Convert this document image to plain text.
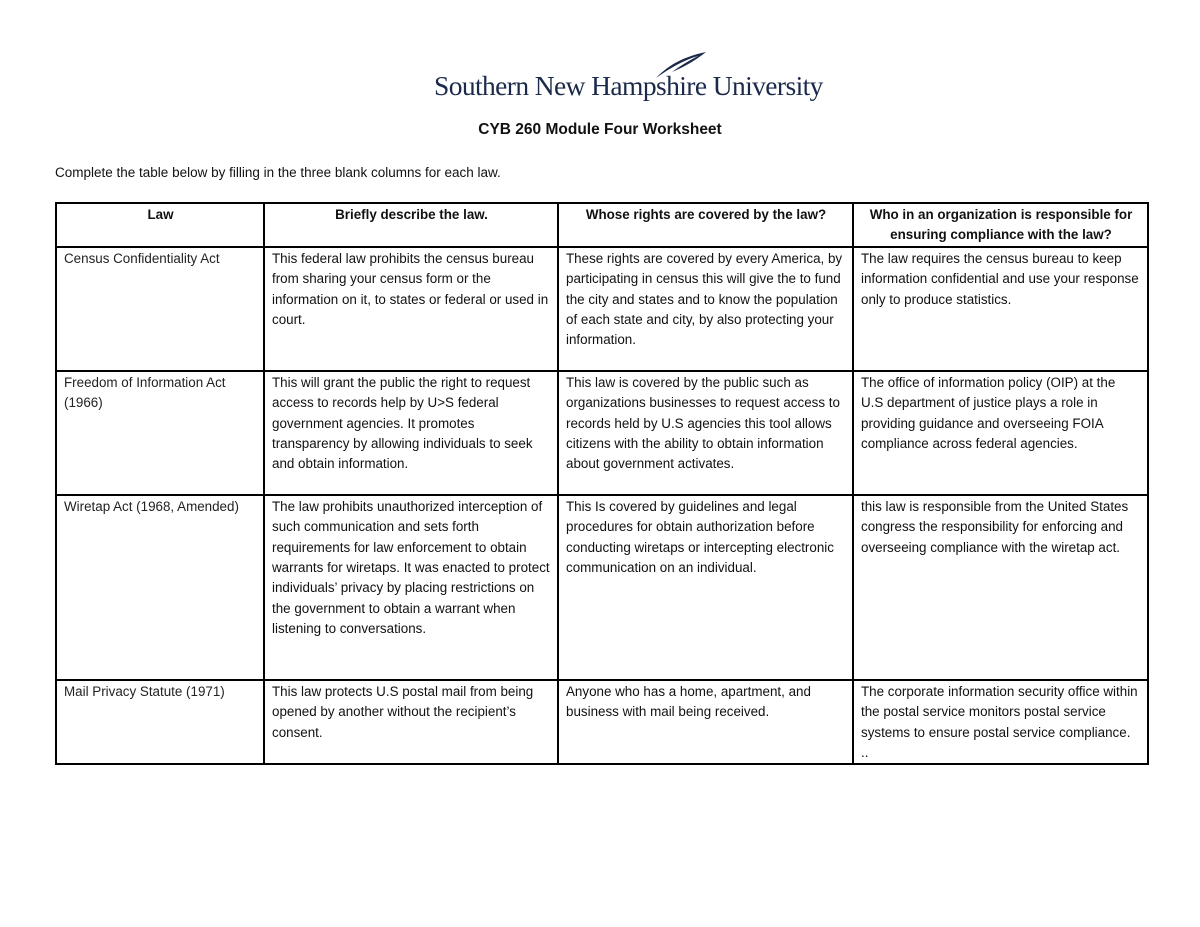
Southern New Hampshire University
CYB 260 Module Four Worksheet
Complete the table below by filling in the three blank columns for each law.
Law	Briefly describe the law.	Whose rights are covered by the law?	Who in an organization is responsible for ensuring compliance with the law?
Census Confidentiality Act	This federal law prohibits the census bureau from sharing your census form or the information on it, to states or federal or used in court.	These rights are covered by every America, by participating in census this will give the to fund the city and states and to know the population of each state and city, by also protecting your information.	The law requires the census bureau to keep information confidential and use your response only to produce statistics.
Freedom of Information Act (1966)	This will grant the public the right to request access to records help by U>S federal government agencies. It promotes transparency by allowing individuals to seek and obtain information.	This law is covered by the public such as organizations businesses to request access to records held by U.S agencies this tool allows citizens with the ability to obtain information about government activates.	The office of information policy (OIP) at the U.S department of justice plays a role in providing guidance and overseeing FOIA compliance across federal agencies.
Wiretap Act (1968, Amended)	The law prohibits unauthorized interception of such communication and sets forth requirements for law enforcement to obtain warrants for wiretaps. It was enacted to protect individuals’ privacy by placing restrictions on the government to obtain a warrant when listening to conversations.	This Is covered by guidelines and legal procedures for obtain authorization before conducting wiretaps or intercepting electronic communication on an individual.	this law is responsible from the United States congress the responsibility for enforcing and overseeing compliance with the wiretap act.
Mail Privacy Statute (1971)	This law protects U.S postal mail from being opened by another without the recipient’s consent.	Anyone who has a home, apartment, and business with mail being received.	The corporate information security office within the postal service monitors postal service systems to ensure postal service compliance. ..
